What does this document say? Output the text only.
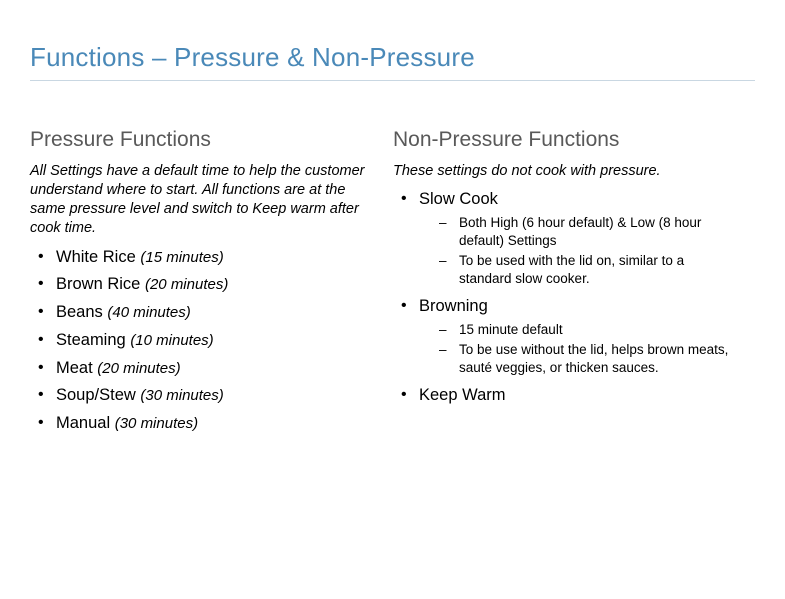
Functions – Pressure & Non-Pressure
Pressure Functions

All Settings have a default time to help the customer understand where to start. All functions are at the same pressure level and switch to Keep warm after cook time.

• White Rice (15 minutes)
• Brown Rice (20 minutes)
• Beans (40 minutes)
• Steaming (10 minutes)
• Meat (20 minutes)
• Soup/Stew (30 minutes)
• Manual (30 minutes)
Non-Pressure Functions

These settings do not cook with pressure.

• Slow Cook
– Both High (6 hour default) & Low (8 hour default) Settings
– To be used with the lid on, similar to a standard slow cooker.
• Browning
– 15 minute default
– To be use without the lid, helps brown meats, sauté veggies, or thicken sauces.
• Keep Warm
